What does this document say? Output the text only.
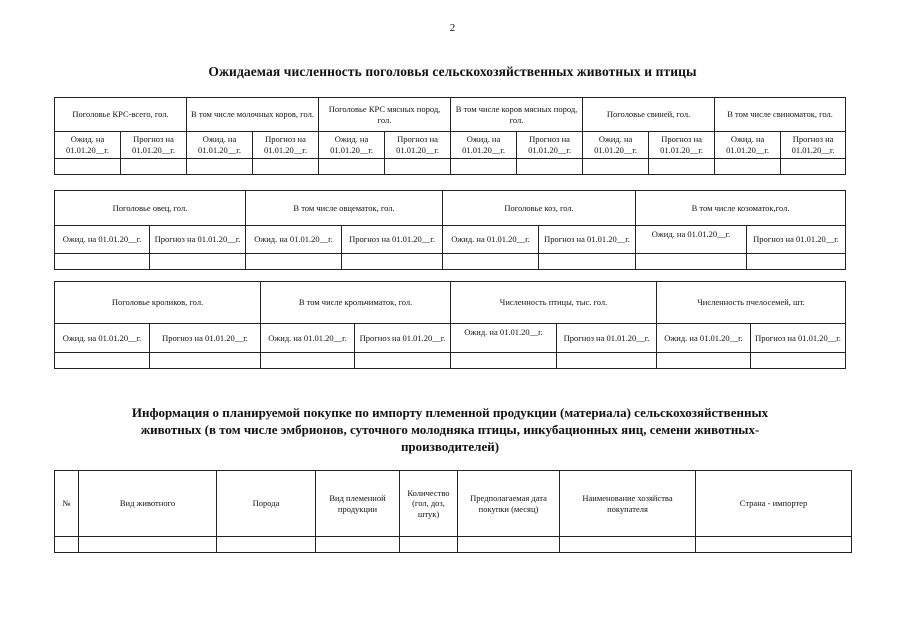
2
Ожидаемая численность поголовья сельскохозяйственных животных и птицы
Поголовье КРС-всего, гол.		В том числе молочных коров, гол.		Поголовье КРС мясных пород, гол.		В том числе коров мясных пород, гол.		Поголовье свиней, гол.		В том числе свиноматок, гол.	
Ожид. на 01.01.20__г.	Прогноз на 01.01.20__г.	Ожид. на 01.01.20__г.	Прогноз на 01.01.20__г.	Ожид. на 01.01.20__г.	Прогноз на 01.01.20__г.	Ожид. на 01.01.20__г.	Прогноз на 01.01.20__г.	Ожид. на 01.01.20__г.	Прогноз на 01.01.20__г.	Ожид. на 01.01.20__г.	Прогноз на 01.01.20__г.

Поголовье овец, гол.		В том числе овцематок, гол.		Поголовье коз, гол.		В том числе козоматок,гол.	
Ожид. на 01.01.20__г.	Прогноз на 01.01.20__г.	Ожид. на 01.01.20__г.	Прогноз на 01.01.20__г.	Ожид. на 01.01.20__г.	Прогноз на 01.01.20__г.	Ожид. на 01.01.20__г.	Прогноз на 01.01.20__г.

Поголовье кроликов, гол.		В том числе крольчиматок, гол.		Численность птицы, тыс. гол.		Численность пчелосемей, шт.	
Ожид. на 01.01.20__г.	Прогноз на 01.01.20__г.	Ожид. на 01.01.20__г.	Прогноз на 01.01.20__г.	Ожид. на 01.01.20__г.	Прогноз на 01.01.20__г.	Ожид. на 01.01.20__г.	Прогноз на 01.01.20__г.

Информация о планируемой покупке по импорту племенной продукции (материала) сельскохозяйственных животных (в том числе эмбрионов, суточного молодняка птицы, инкубационных яиц, семени животных-производителей)
№	Вид животного	Порода	Вид племенной продукции	Количество (гол, доз, штук)	Предполагаемая дата покупки (месяц)	Наименование хозяйства покупателя	Страна - импортер
